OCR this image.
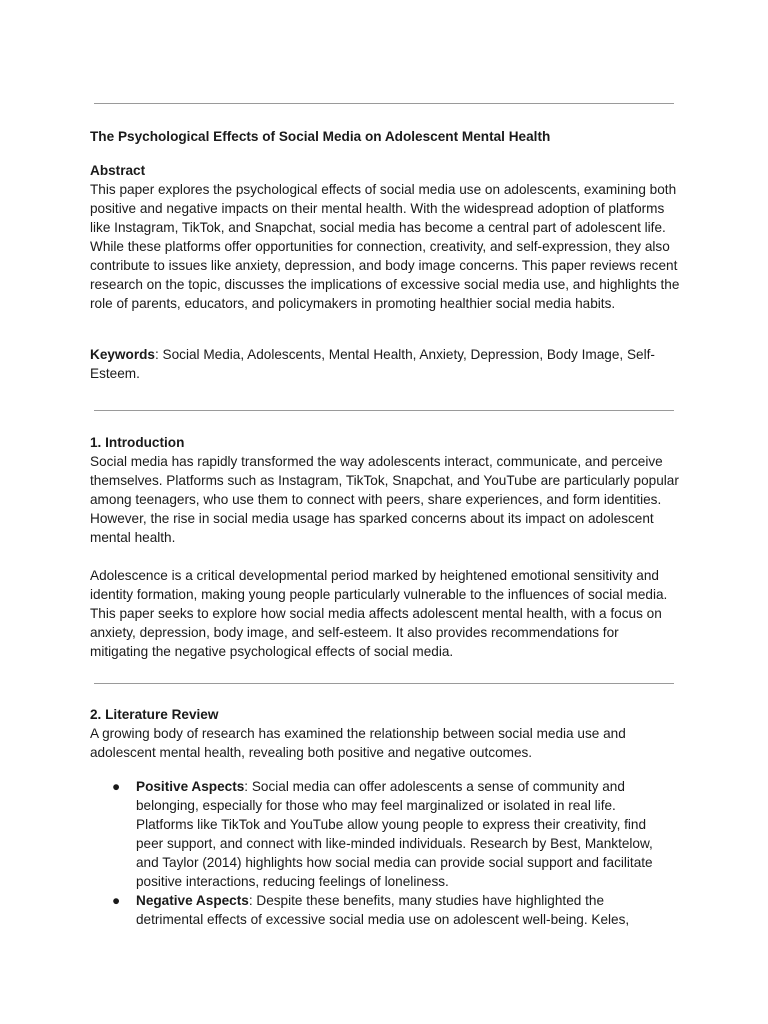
The Psychological Effects of Social Media on Adolescent Mental Health

Abstract

This paper explores the psychological effects of social media use on adolescents, examining both positive and negative impacts on their mental health. With the widespread adoption of platforms like Instagram, TikTok, and Snapchat, social media has become a central part of adolescent life. While these platforms offer opportunities for connection, creativity, and self-expression, they also contribute to issues like anxiety, depression, and body image concerns. This paper reviews recent research on the topic, discusses the implications of excessive social media use, and highlights the role of parents, educators, and policymakers in promoting healthier social media habits.

Keywords: Social Media, Adolescents, Mental Health, Anxiety, Depression, Body Image, Self-Esteem.

1. Introduction

Social media has rapidly transformed the way adolescents interact, communicate, and perceive themselves. Platforms such as Instagram, TikTok, Snapchat, and YouTube are particularly popular among teenagers, who use them to connect with peers, share experiences, and form identities. However, the rise in social media usage has sparked concerns about its impact on adolescent mental health.

Adolescence is a critical developmental period marked by heightened emotional sensitivity and identity formation, making young people particularly vulnerable to the influences of social media. This paper seeks to explore how social media affects adolescent mental health, with a focus on anxiety, depression, body image, and self-esteem. It also provides recommendations for mitigating the negative psychological effects of social media.

2. Literature Review

A growing body of research has examined the relationship between social media use and adolescent mental health, revealing both positive and negative outcomes.

● Positive Aspects: Social media can offer adolescents a sense of community and belonging, especially for those who may feel marginalized or isolated in real life. Platforms like TikTok and YouTube allow young people to express their creativity, find peer support, and connect with like-minded individuals. Research by Best, Manktelow, and Taylor (2014) highlights how social media can provide social support and facilitate positive interactions, reducing feelings of loneliness.
● Negative Aspects: Despite these benefits, many studies have highlighted the detrimental effects of excessive social media use on adolescent well-being. Keles,
